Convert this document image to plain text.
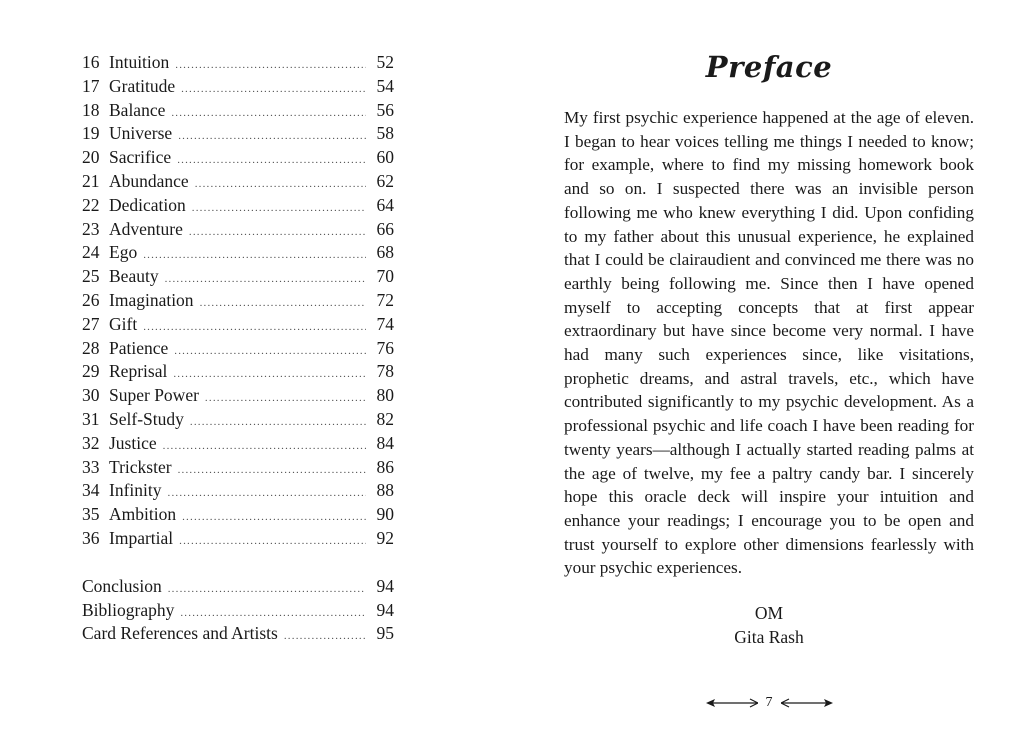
16 Intuition .....	52
17 Gratitude .....	54
18 Balance .....	56
19 Universe .....	58
20 Sacrifice .....	60
21 Abundance .....	62
22 Dedication .....	64
23 Adventure .....	66
24 Ego .....	68
25 Beauty .....	70
26 Imagination .....	72
27 Gift .....	74
28 Patience .....	76
29 Reprisal .....	78
30 Super Power .....	80
31 Self-Study .....	82
32 Justice .....	84
33 Trickster .....	86
34 Infinity .....	88
35 Ambition .....	90
36 Impartial .....	92
Conclusion .....	94
Bibliography .....	94
Card References and Artists .....	95
Preface

My first psychic experience happened at the age of eleven. I began to hear voices telling me things I needed to know; for example, where to find my missing homework book and so on. I suspected there was an invisible person following me who knew everything I did. Upon confiding to my father about this unusual experience, he explained that I could be clairaudient and convinced me there was no earthly being following me. Since then I have opened myself to accepting concepts that at first appear extraordinary but have since become very normal. I have had many such experiences since, like visitations, prophetic dreams, and astral travels, etc., which have contributed significantly to my psychic development. As a professional psychic and life coach I have been reading for twenty years—although I actually started reading palms at the age of twelve, my fee a paltry candy bar. I sincerely hope this oracle deck will inspire your intuition and enhance your readings; I encourage you to be open and trust yourself to explore other dimensions fearlessly with your psychic experiences.

OM
Gita Rash
7
